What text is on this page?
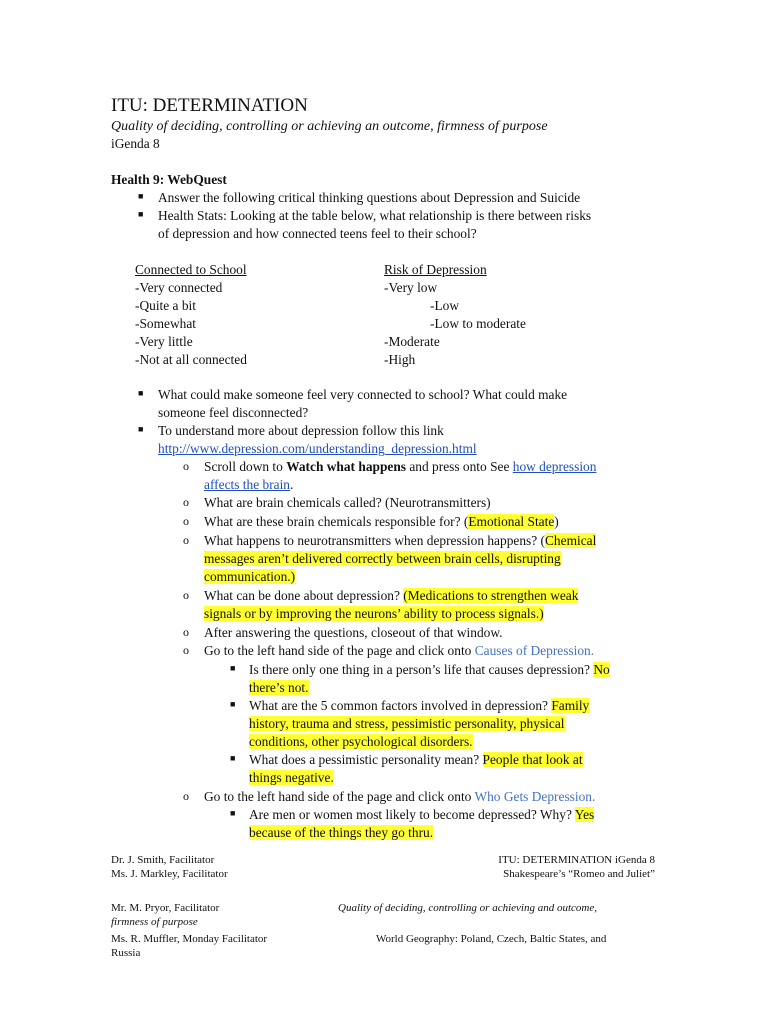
ITU: DETERMINATION
Quality of deciding, controlling or achieving an outcome, firmness of purpose
iGenda 8
Health 9: WebQuest
■ Answer the following critical thinking questions about Depression and Suicide
■ Health Stats: Looking at the table below, what relationship is there between risks
of depression and how connected teens feel to their school?
Connected to School	Risk of Depression
-Very connected	-Very low
-Quite a bit	-Low
-Somewhat	-Low to moderate
-Very little	-Moderate
-Not at all connected	-High
■ What could make someone feel very connected to school? What could make
someone feel disconnected?
■ To understand more about depression follow this link
http://www.depression.com/understanding_depression.html
o Scroll down to Watch what happens and press onto See how depression
affects the brain.
o What are brain chemicals called? (Neurotransmitters)
o What are these brain chemicals responsible for? (Emotional State)
o What happens to neurotransmitters when depression happens? (Chemical
messages aren’t delivered correctly between brain cells, disrupting
communication.)
o What can be done about depression? (Medications to strengthen weak
signals or by improving the neurons’ ability to process signals.)
o After answering the questions, closeout of that window.
o Go to the left hand side of the page and click onto Causes of Depression.
■ Is there only one thing in a person’s life that causes depression? No
there’s not.
■ What are the 5 common factors involved in depression? Family
history, trauma and stress, pessimistic personality, physical
conditions, other psychological disorders.
■ What does a pessimistic personality mean? People that look at
things negative.
o Go to the left hand side of the page and click onto Who Gets Depression.
■ Are men or women most likely to become depressed? Why? Yes
because of the things they go thru.
Dr. J. Smith, Facilitator
Ms. J. Markley, Facilitator
ITU: DETERMINATION iGenda 8
Shakespeare’s “Romeo and Juliet”
Mr. M. Pryor, Facilitator	Quality of deciding, controlling or achieving and outcome,
firmness of purpose
Ms. R. Muffler, Monday Facilitator	World Geography: Poland, Czech, Baltic States, and
Russia
